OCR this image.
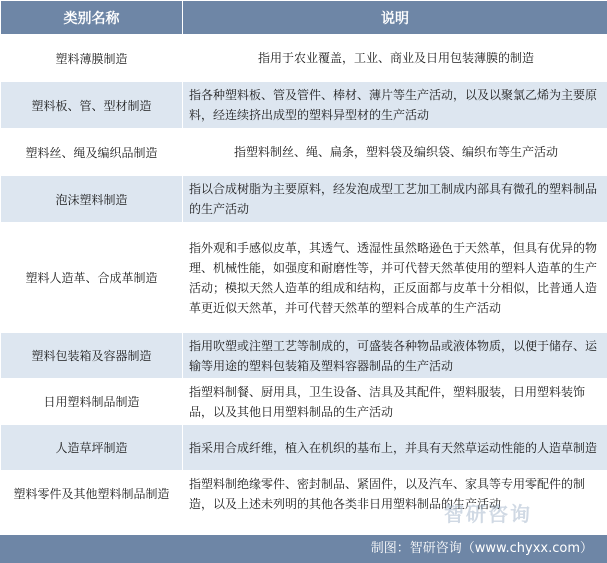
类别名称	说明
塑料薄膜制造	指用于农业覆盖，工业、商业及日用包装薄膜的制造
塑料板、管、型材制造	指各种塑料板、管及管件、棒材、薄片等生产活动，以及以聚氯乙烯为主要原料，经连续挤出成型的塑料异型材的生产活动
塑料丝、绳及编织品制造	指塑料制丝、绳、扁条，塑料袋及编织袋、编织布等生产活动
泡沫塑料制造	指以合成树脂为主要原料，经发泡成型工艺加工制成内部具有微孔的塑料制品的生产活动
塑料人造革、合成革制造	指外观和手感似皮革，其透气、透湿性虽然略逊色于天然革，但具有优异的物理、机械性能，如强度和耐磨性等，并可代替天然革使用的塑料人造革的生产活动；模拟天然人造革的组成和结构，正反面都与皮革十分相似，比普通人造革更近似天然革，并可代替天然革的塑料合成革的生产活动
塑料包装箱及容器制造	指用吹塑或注塑工艺等制成的，可盛装各种物品或液体物质，以便于储存、运输等用途的塑料包装箱及塑料容器制品的生产活动
日用塑料制品制造	指塑料制餐、厨用具，卫生设备、洁具及其配件，塑料服装，日用塑料装饰品，以及其他日用塑料制品的生产活动
人造草坪制造	指采用合成纤维，植入在机织的基布上，并具有天然草运动性能的人造草制造
塑料零件及其他塑料制品制造	指塑料制绝缘零件、密封制品、紧固件，以及汽车、家具等专用零配件的制造，以及上述未列明的其他各类非日用塑料制品的生产活动
智研咨询
制图：智研咨询（www.chyxx.com）
